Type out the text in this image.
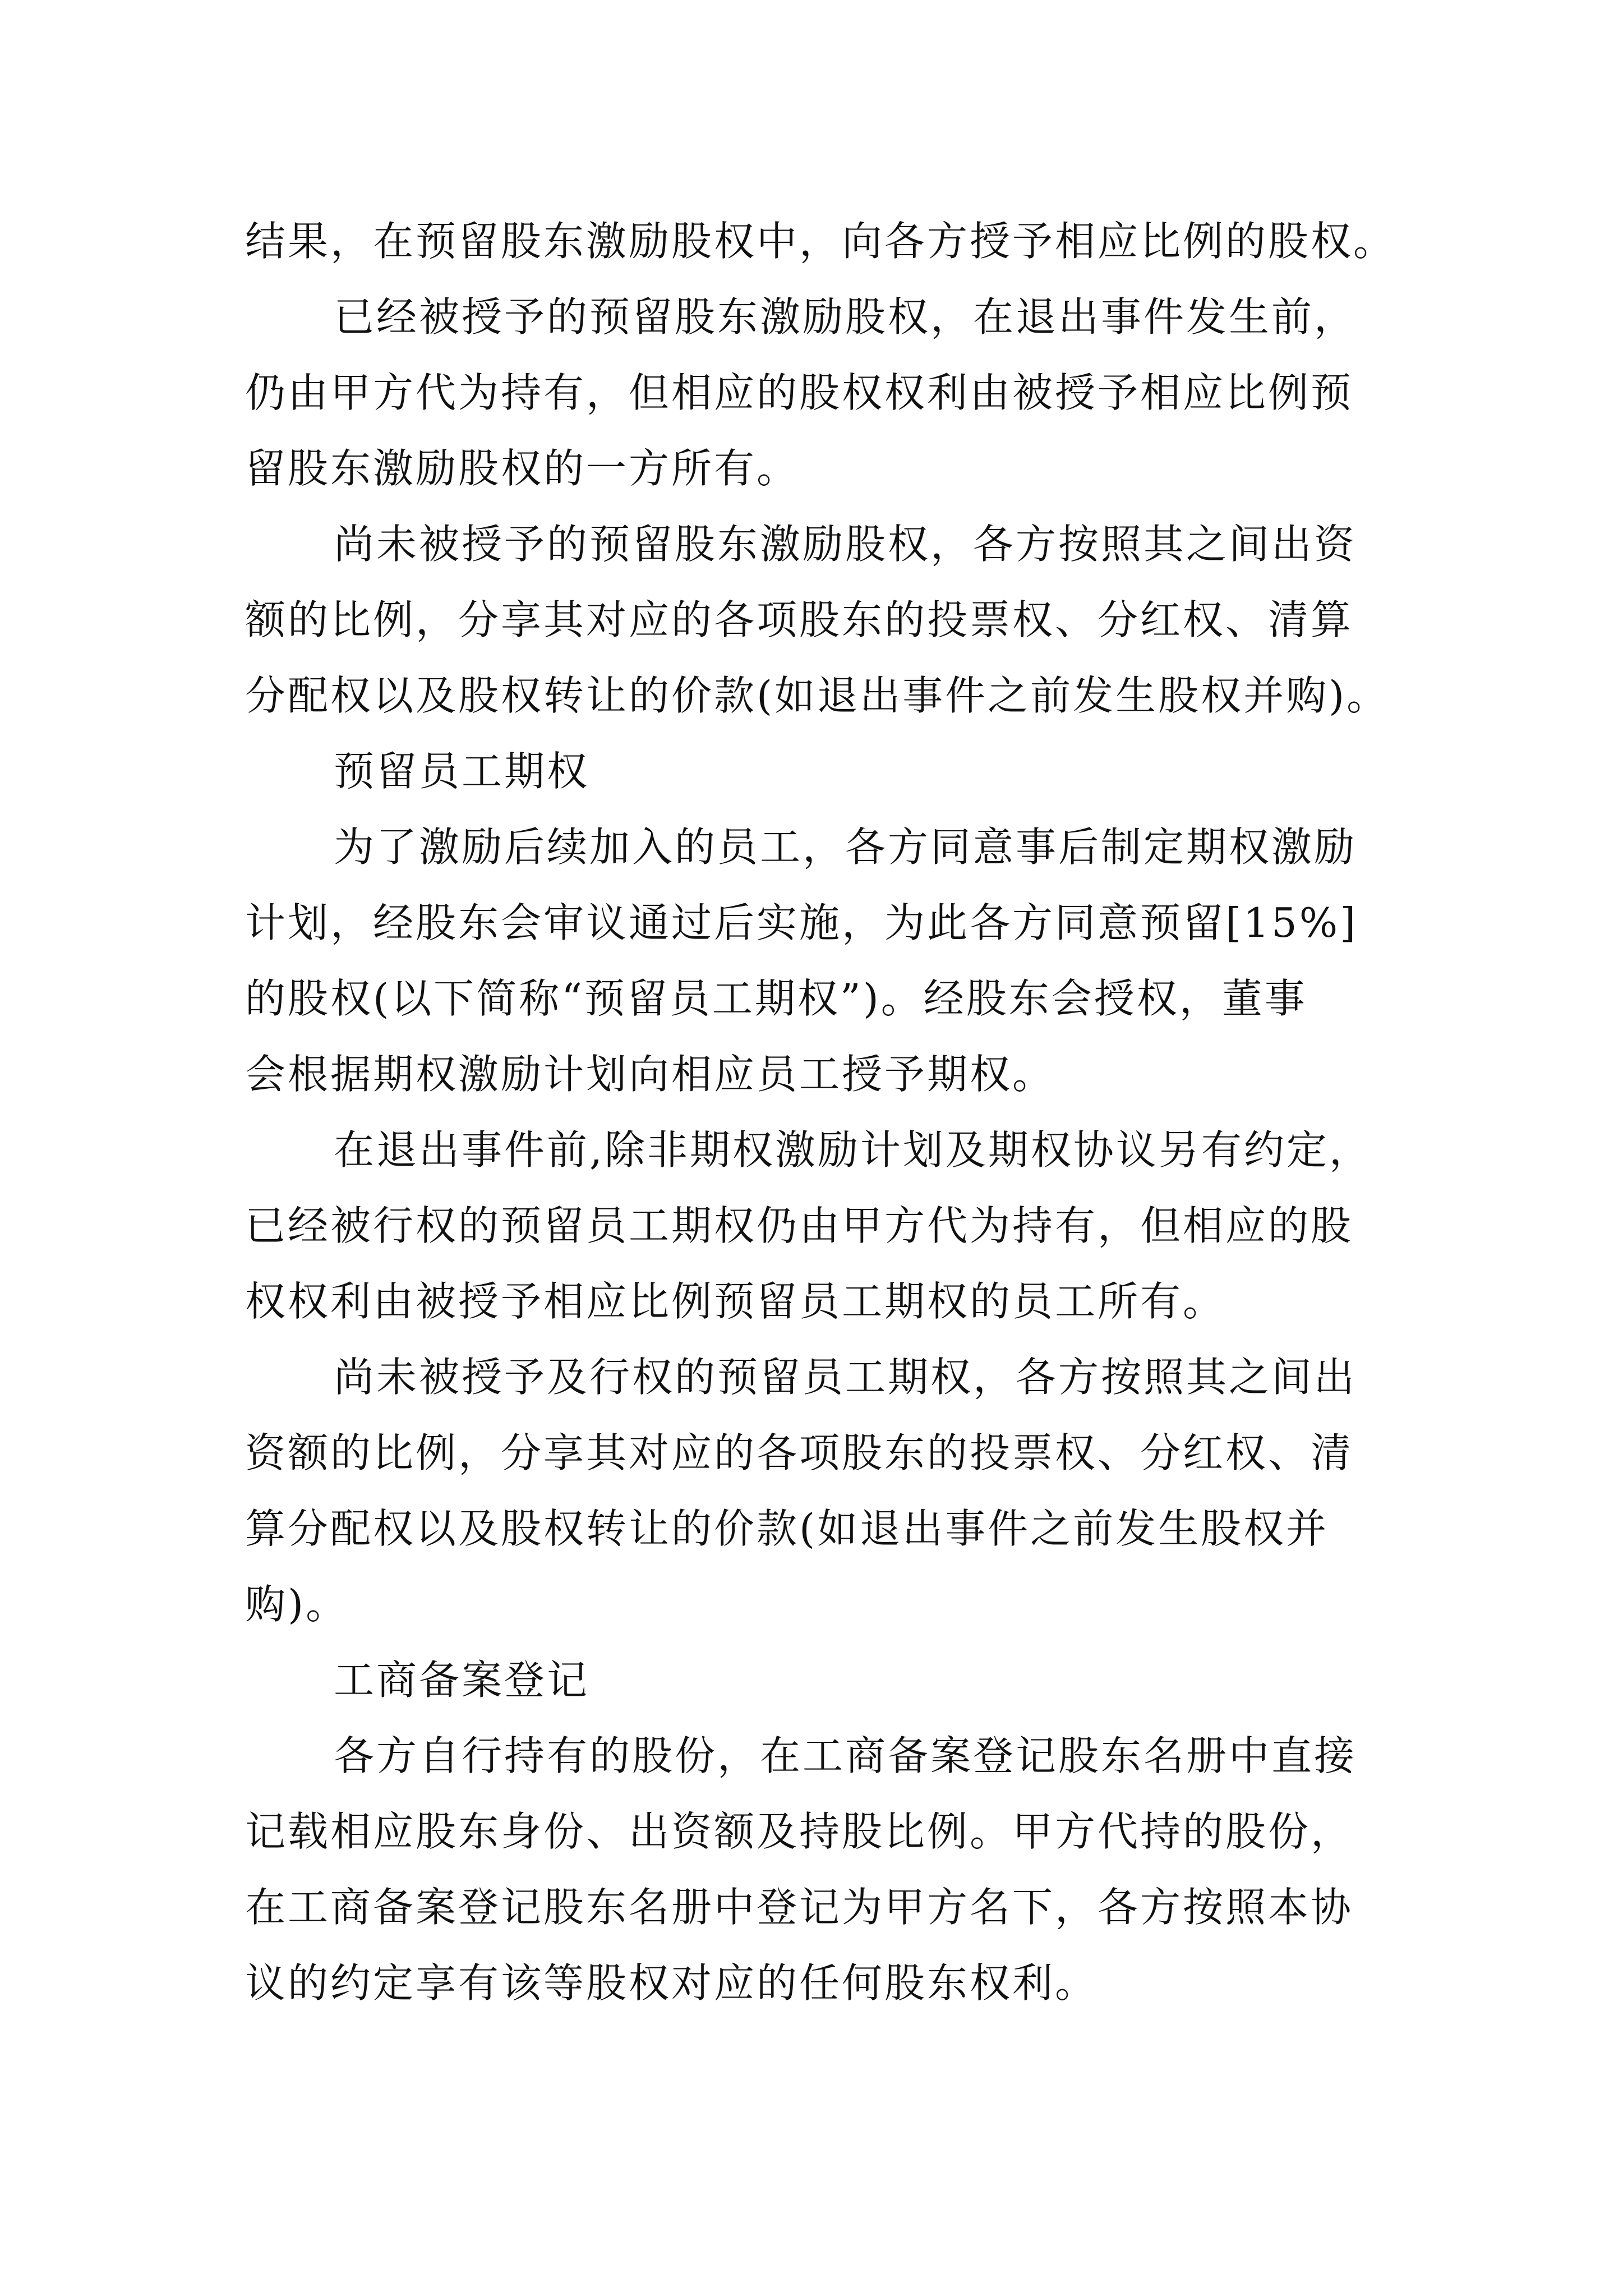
结果，在预留股东激励股权中，向各方授予相应比例的股权。
已经被授予的预留股东激励股权，在退出事件发生前，
仍由甲方代为持有，但相应的股权权利由被授予相应比例预
留股东激励股权的一方所有。
尚未被授予的预留股东激励股权，各方按照其之间出资
额的比例，分享其对应的各项股东的投票权、分红权、清算
分配权以及股权转让的价款(如退出事件之前发生股权并购)。
预留员工期权
为了激励后续加入的员工，各方同意事后制定期权激励
计划，经股东会审议通过后实施，为此各方同意预留[15%]
的股权(以下简称“预留员工期权”)。经股东会授权，董事
会根据期权激励计划向相应员工授予期权。
在退出事件前,除非期权激励计划及期权协议另有约定，
已经被行权的预留员工期权仍由甲方代为持有，但相应的股
权权利由被授予相应比例预留员工期权的员工所有。
尚未被授予及行权的预留员工期权，各方按照其之间出
资额的比例，分享其对应的各项股东的投票权、分红权、清
算分配权以及股权转让的价款(如退出事件之前发生股权并
购)。
工商备案登记
各方自行持有的股份，在工商备案登记股东名册中直接
记载相应股东身份、出资额及持股比例。甲方代持的股份，
在工商备案登记股东名册中登记为甲方名下，各方按照本协
议的约定享有该等股权对应的任何股东权利。
